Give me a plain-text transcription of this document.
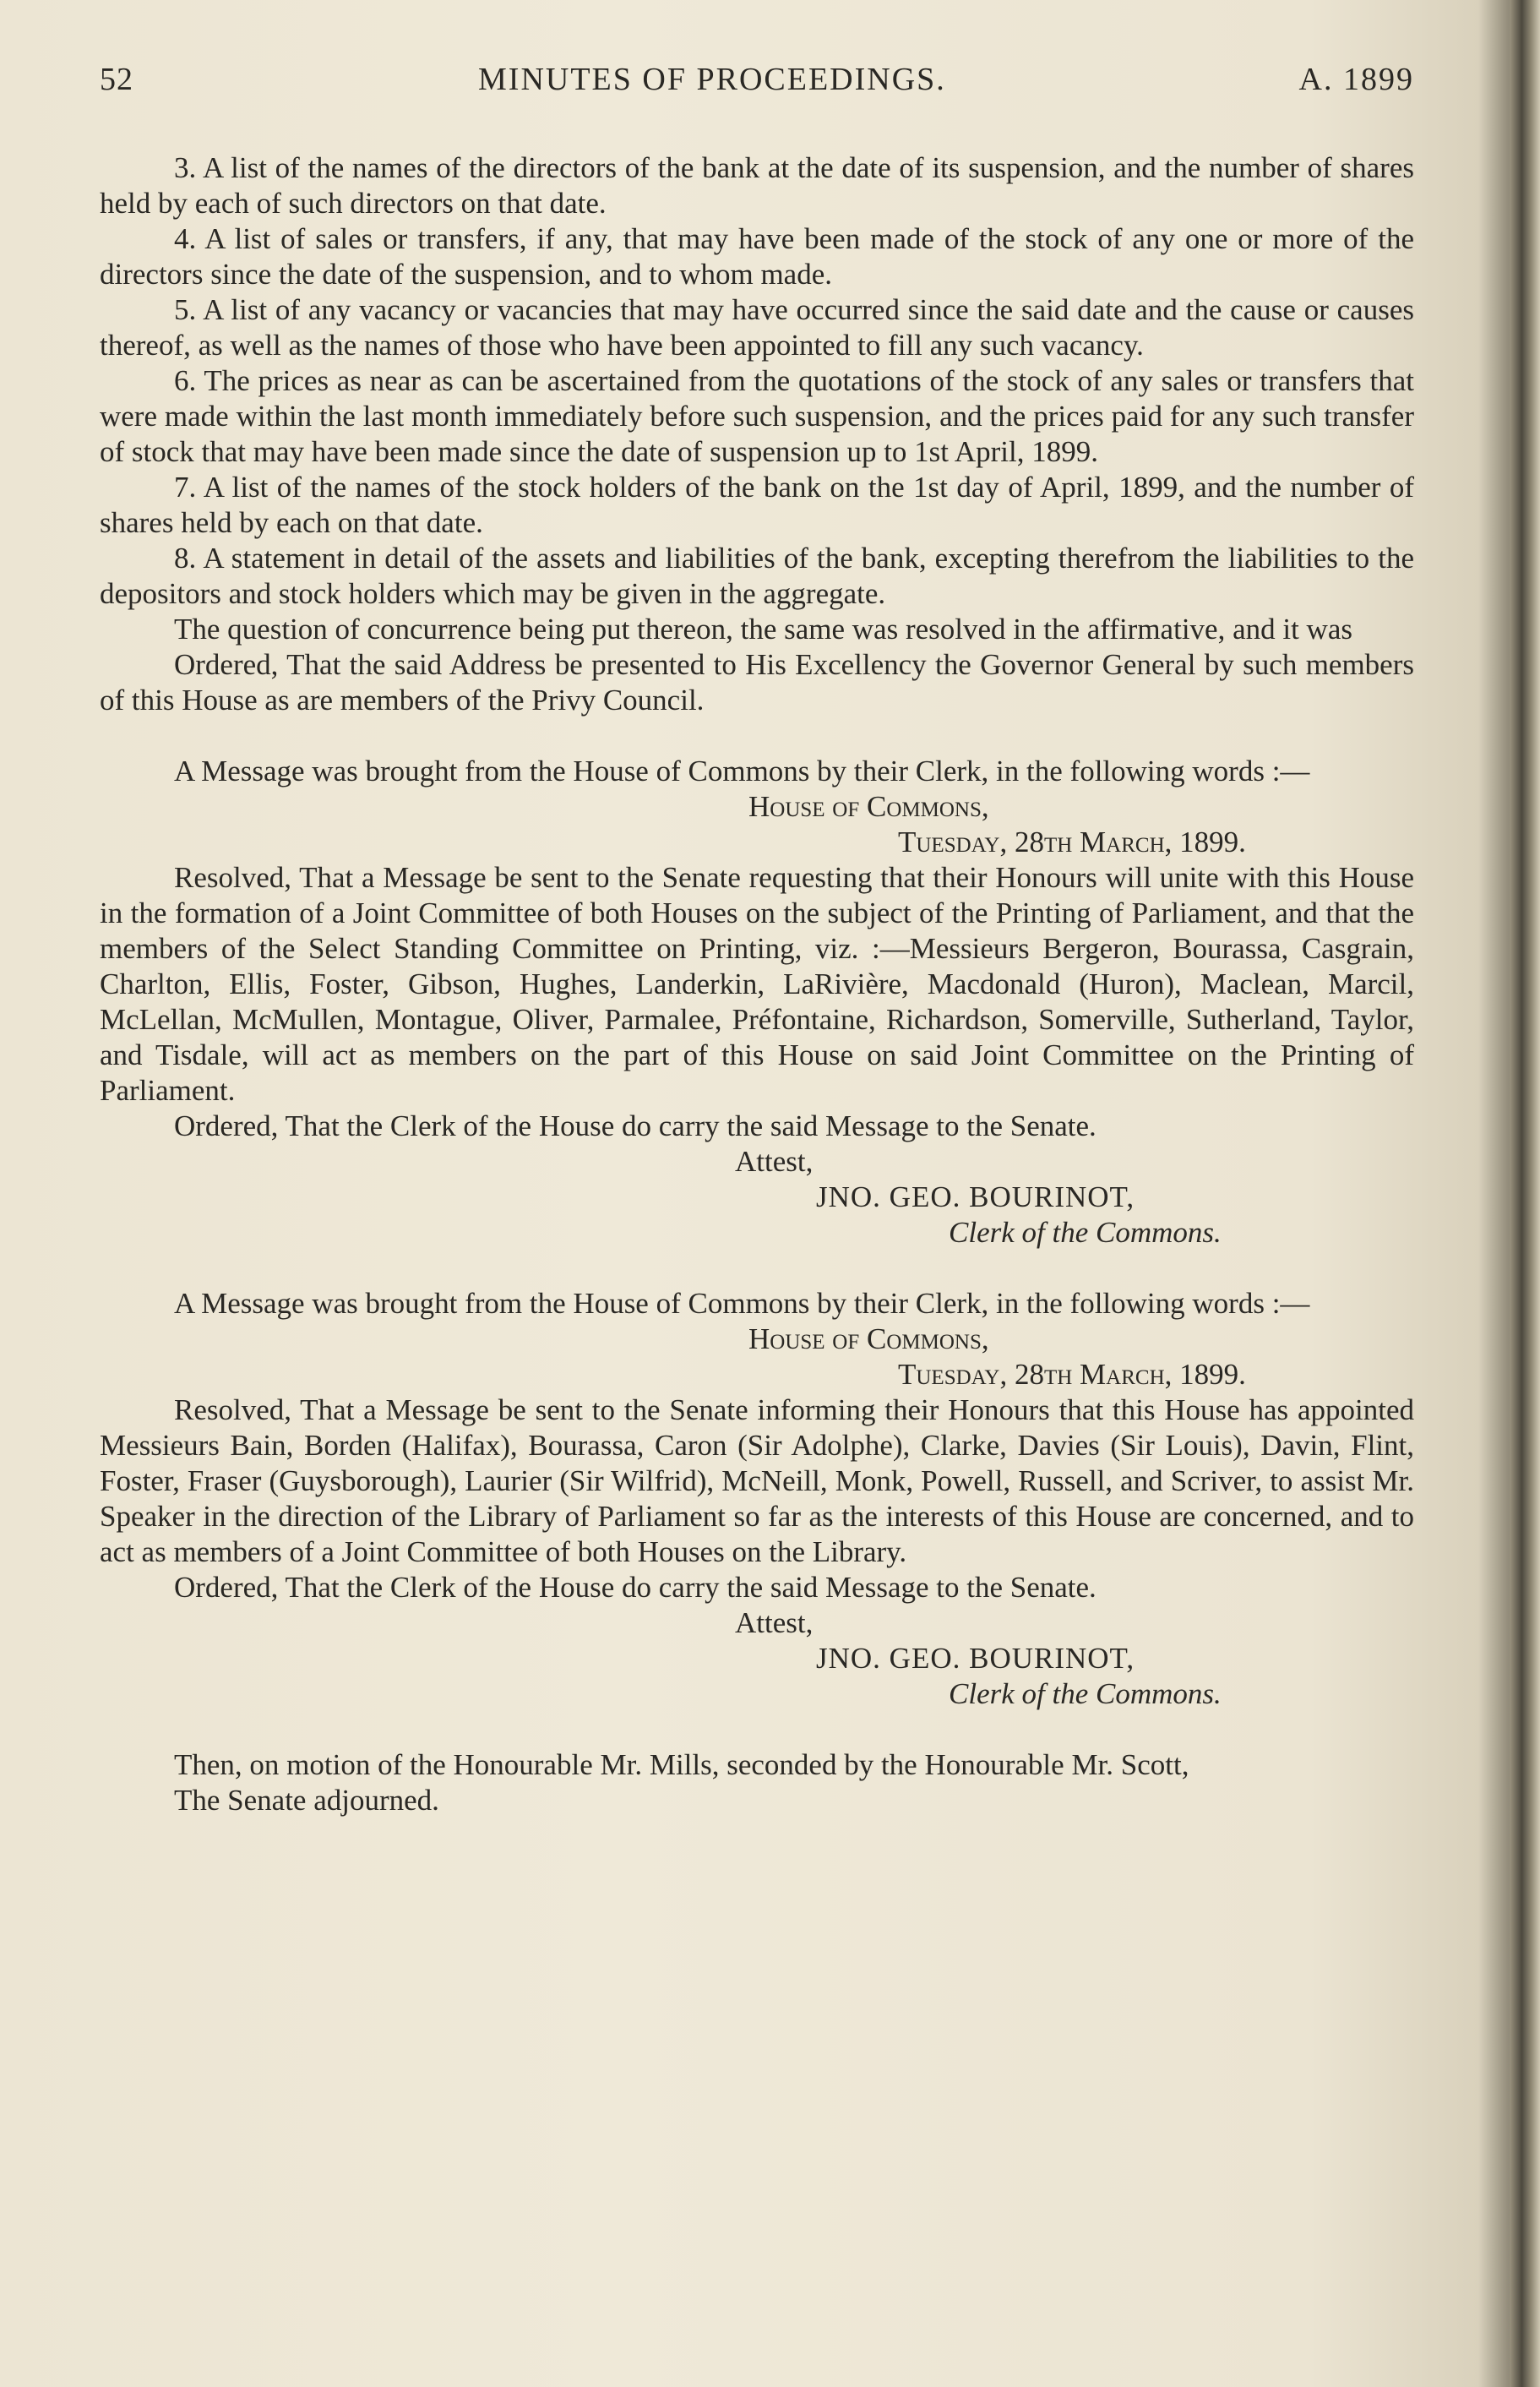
52	MINUTES OF PROCEEDINGS.	A. 1899

3. A list of the names of the directors of the bank at the date of its suspension, and the number of shares held by each of such directors on that date.

4. A list of sales or transfers, if any, that may have been made of the stock of any one or more of the directors since the date of the suspension, and to whom made.

5. A list of any vacancy or vacancies that may have occurred since the said date and the cause or causes thereof, as well as the names of those who have been appointed to fill any such vacancy.

6. The prices as near as can be ascertained from the quotations of the stock of any sales or transfers that were made within the last month immediately before such suspension, and the prices paid for any such transfer of stock that may have been made since the date of suspension up to 1st April, 1899.

7. A list of the names of the stock holders of the bank on the 1st day of April, 1899, and the number of shares held by each on that date.

8. A statement in detail of the assets and liabilities of the bank, excepting therefrom the liabilities to the depositors and stock holders which may be given in the aggregate.

The question of concurrence being put thereon, the same was resolved in the affirmative, and it was

Ordered, That the said Address be presented to His Excellency the Governor General by such members of this House as are members of the Privy Council.

A Message was brought from the House of Commons by their Clerk, in the following words :—

House of Commons,

Tuesday, 28th March, 1899.

Resolved, That a Message be sent to the Senate requesting that their Honours will unite with this House in the formation of a Joint Committee of both Houses on the subject of the Printing of Parliament, and that the members of the Select Standing Committee on Printing, viz. :—Messieurs Bergeron, Bourassa, Casgrain, Charlton, Ellis, Foster, Gibson, Hughes, Landerkin, LaRivière, Macdonald (Huron), Maclean, Marcil, McLellan, McMullen, Montague, Oliver, Parmalee, Préfontaine, Richardson, Somerville, Sutherland, Taylor, and Tisdale, will act as members on the part of this House on said Joint Committee on the Printing of Parliament.

Ordered, That the Clerk of the House do carry the said Message to the Senate.

Attest,

JNO. GEO. BOURINOT,

Clerk of the Commons.

A Message was brought from the House of Commons by their Clerk, in the following words :—

House of Commons,

Tuesday, 28th March, 1899.

Resolved, That a Message be sent to the Senate informing their Honours that this House has appointed Messieurs Bain, Borden (Halifax), Bourassa, Caron (Sir Adolphe), Clarke, Davies (Sir Louis), Davin, Flint, Foster, Fraser (Guysborough), Laurier (Sir Wilfrid), McNeill, Monk, Powell, Russell, and Scriver, to assist Mr. Speaker in the direction of the Library of Parliament so far as the interests of this House are concerned, and to act as members of a Joint Committee of both Houses on the Library.

Ordered, That the Clerk of the House do carry the said Message to the Senate.

Attest,

JNO. GEO. BOURINOT,

Clerk of the Commons.

Then, on motion of the Honourable Mr. Mills, seconded by the Honourable Mr. Scott,

The Senate adjourned.
